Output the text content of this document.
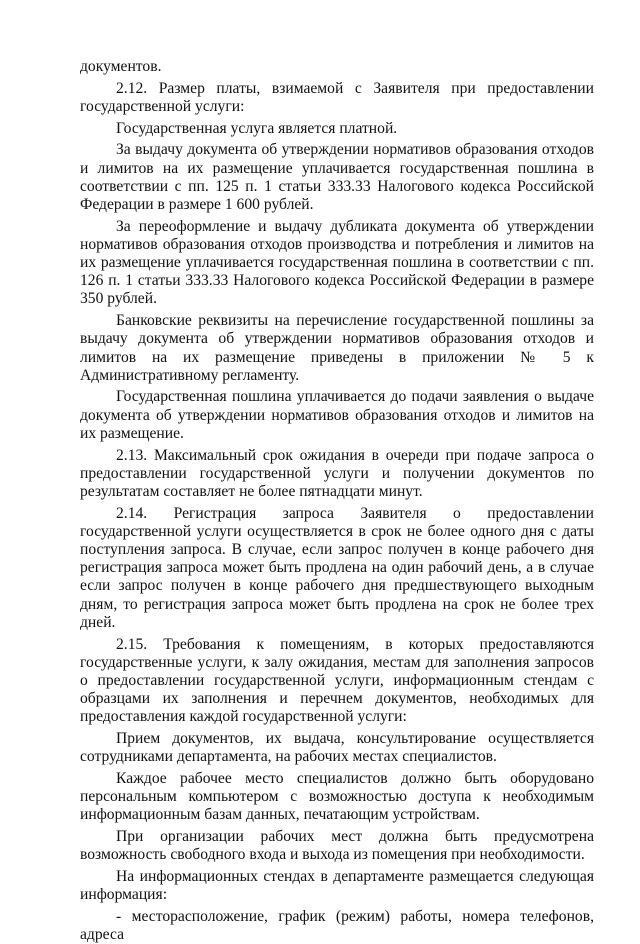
документов.

2.12. Размер платы, взимаемой с Заявителя при предоставлении государственной услуги:

Государственная услуга является платной.

За выдачу документа об утверждении нормативов образования отходов и лимитов на их размещение уплачивается государственная пошлина в соответствии с пп. 125 п. 1 статьи 333.33 Налогового кодекса Российской Федерации в размере 1 600 рублей.

За переоформление и выдачу дубликата документа об утверждении нормативов образования отходов производства и потребления и лимитов на их размещение уплачивается государственная пошлина в соответствии с пп. 126 п. 1 статьи 333.33 Налогового кодекса Российской Федерации в размере 350 рублей.

Банковские реквизиты на перечисление государственной пошлины за выдачу документа об утверждении нормативов образования отходов и лимитов на их размещение приведены в приложении № 5 к Административному регламенту.

Государственная пошлина уплачивается до подачи заявления о выдаче документа об утверждении нормативов образования отходов и лимитов на их размещение.

2.13. Максимальный срок ожидания в очереди при подаче запроса о предоставлении государственной услуги и получении документов по результатам составляет не более пятнадцати минут.

2.14. Регистрация запроса Заявителя о предоставлении государственной услуги осуществляется в срок не более одного дня с даты поступления запроса. В случае, если запрос получен в конце рабочего дня регистрация запроса может быть продлена на один рабочий день, а в случае если запрос получен в конце рабочего дня предшествующего выходным дням, то регистрация запроса может быть продлена на срок не более трех дней.

2.15. Требования к помещениям, в которых предоставляются государственные услуги, к залу ожидания, местам для заполнения запросов о предоставлении государственной услуги, информационным стендам с образцами их заполнения и перечнем документов, необходимых для предоставления каждой государственной услуги:

Прием документов, их выдача, консультирование осуществляется сотрудниками департамента, на рабочих местах специалистов.

Каждое рабочее место специалистов должно быть оборудовано персональным компьютером с возможностью доступа к необходимым информационным базам данных, печатающим устройствам.

При организации рабочих мест должна быть предусмотрена возможность свободного входа и выхода из помещения при необходимости.

На информационных стендах в департаменте размещается следующая информация:

- месторасположение, график (режим) работы, номера телефонов, адреса
